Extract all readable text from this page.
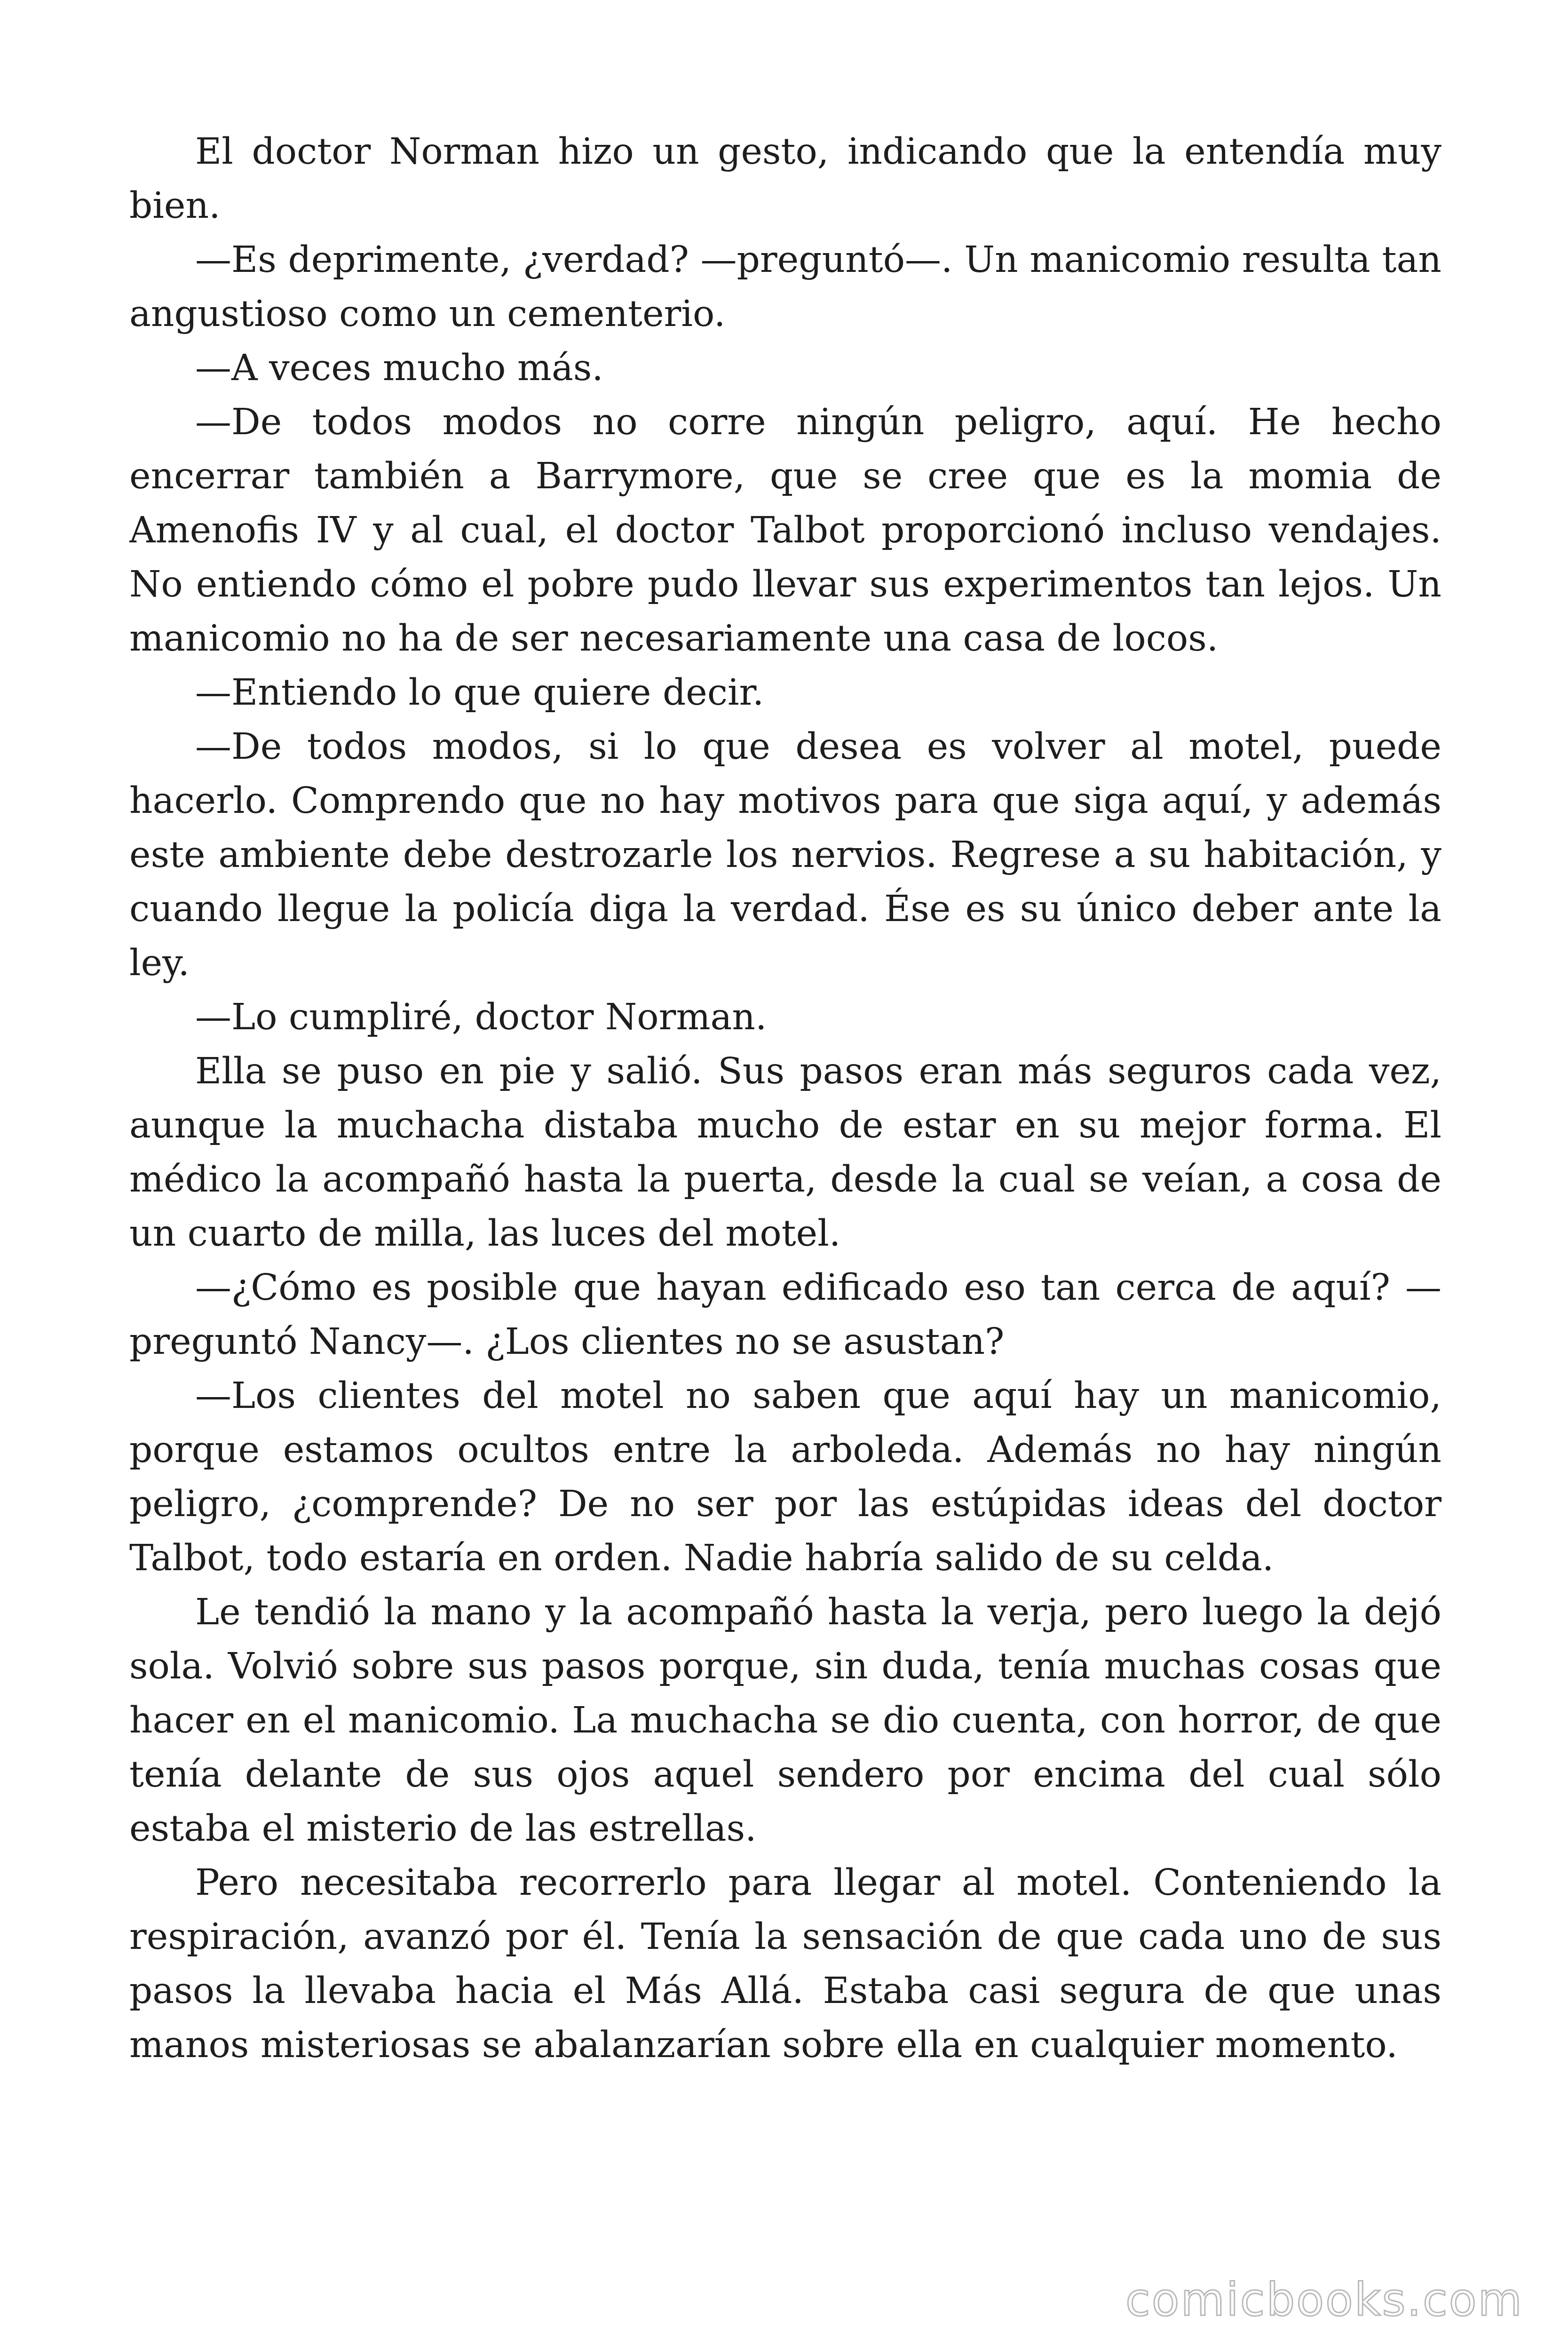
El doctor Norman hizo un gesto, indicando que la entendía muy bien.

—Es deprimente, ¿verdad? —preguntó—. Un manicomio resulta tan angustioso como un cementerio.

—A veces mucho más.

—De todos modos no corre ningún peligro, aquí. He hecho encerrar también a Barrymore, que se cree que es la momia de Amenofis IV y al cual, el doctor Talbot proporcionó incluso vendajes. No entiendo cómo el pobre pudo llevar sus experimentos tan lejos. Un manicomio no ha de ser necesariamente una casa de locos.

—Entiendo lo que quiere decir.

—De todos modos, si lo que desea es volver al motel, puede hacerlo. Comprendo que no hay motivos para que siga aquí, y además este ambiente debe destrozarle los nervios. Regrese a su habitación, y cuando llegue la policía diga la verdad. Ése es su único deber ante la ley.

—Lo cumpliré, doctor Norman.

Ella se puso en pie y salió. Sus pasos eran más seguros cada vez, aunque la muchacha distaba mucho de estar en su mejor forma. El médico la acompañó hasta la puerta, desde la cual se veían, a cosa de un cuarto de milla, las luces del motel.

—¿Cómo es posible que hayan edificado eso tan cerca de aquí? —preguntó Nancy—. ¿Los clientes no se asustan?

—Los clientes del motel no saben que aquí hay un manicomio, porque estamos ocultos entre la arboleda. Además no hay ningún peligro, ¿comprende? De no ser por las estúpidas ideas del doctor Talbot, todo estaría en orden. Nadie habría salido de su celda.

Le tendió la mano y la acompañó hasta la verja, pero luego la dejó sola. Volvió sobre sus pasos porque, sin duda, tenía muchas cosas que hacer en el manicomio. La muchacha se dio cuenta, con horror, de que tenía delante de sus ojos aquel sendero por encima del cual sólo estaba el misterio de las estrellas.

Pero necesitaba recorrerlo para llegar al motel. Conteniendo la respiración, avanzó por él. Tenía la sensación de que cada uno de sus pasos la llevaba hacia el Más Allá. Estaba casi segura de que unas manos misteriosas se abalanzarían sobre ella en cualquier momento.

comicbooks.com
